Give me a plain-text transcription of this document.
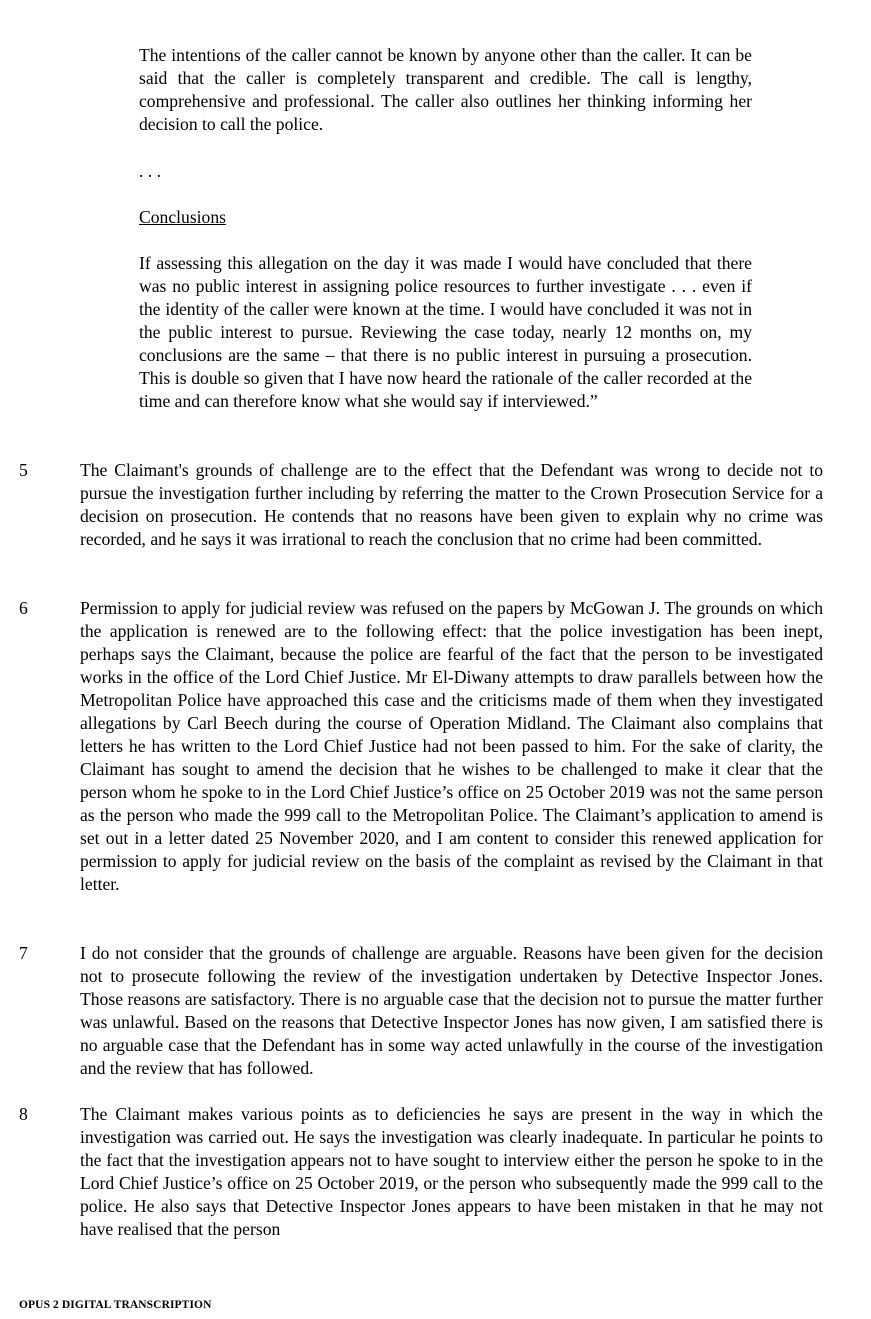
The intentions of the caller cannot be known by anyone other than the caller. It can be said that the caller is completely transparent and credible. The call is lengthy, comprehensive and professional. The caller also outlines her thinking informing her decision to call the police.

. . .

Conclusions

If assessing this allegation on the day it was made I would have concluded that there was no public interest in assigning police resources to further investigate . . . even if the identity of the caller were known at the time. I would have concluded it was not in the public interest to pursue. Reviewing the case today, nearly 12 months on, my conclusions are the same – that there is no public interest in pursuing a prosecution. This is double so given that I have now heard the rationale of the caller recorded at the time and can therefore know what she would say if interviewed.”

5	The Claimant's grounds of challenge are to the effect that the Defendant was wrong to decide not to pursue the investigation further including by referring the matter to the Crown Prosecution Service for a decision on prosecution. He contends that no reasons have been given to explain why no crime was recorded, and he says it was irrational to reach the conclusion that no crime had been committed.

6	Permission to apply for judicial review was refused on the papers by McGowan J. The grounds on which the application is renewed are to the following effect: that the police investigation has been inept, perhaps says the Claimant, because the police are fearful of the fact that the person to be investigated works in the office of the Lord Chief Justice. Mr El-Diwany attempts to draw parallels between how the Metropolitan Police have approached this case and the criticisms made of them when they investigated allegations by Carl Beech during the course of Operation Midland. The Claimant also complains that letters he has written to the Lord Chief Justice had not been passed to him. For the sake of clarity, the Claimant has sought to amend the decision that he wishes to be challenged to make it clear that the person whom he spoke to in the Lord Chief Justice’s office on 25 October 2019 was not the same person as the person who made the 999 call to the Metropolitan Police. The Claimant’s application to amend is set out in a letter dated 25 November 2020, and I am content to consider this renewed application for permission to apply for judicial review on the basis of the complaint as revised by the Claimant in that letter.

7	I do not consider that the grounds of challenge are arguable. Reasons have been given for the decision not to prosecute following the review of the investigation undertaken by Detective Inspector Jones. Those reasons are satisfactory. There is no arguable case that the decision not to pursue the matter further was unlawful. Based on the reasons that Detective Inspector Jones has now given, I am satisfied there is no arguable case that the Defendant has in some way acted unlawfully in the course of the investigation and the review that has followed.

8	The Claimant makes various points as to deficiencies he says are present in the way in which the investigation was carried out. He says the investigation was clearly inadequate. In particular he points to the fact that the investigation appears not to have sought to interview either the person he spoke to in the Lord Chief Justice’s office on 25 October 2019, or the person who subsequently made the 999 call to the police. He also says that Detective Inspector Jones appears to have been mistaken in that he may not have realised that the person

OPUS 2 DIGITAL TRANSCRIPTION
